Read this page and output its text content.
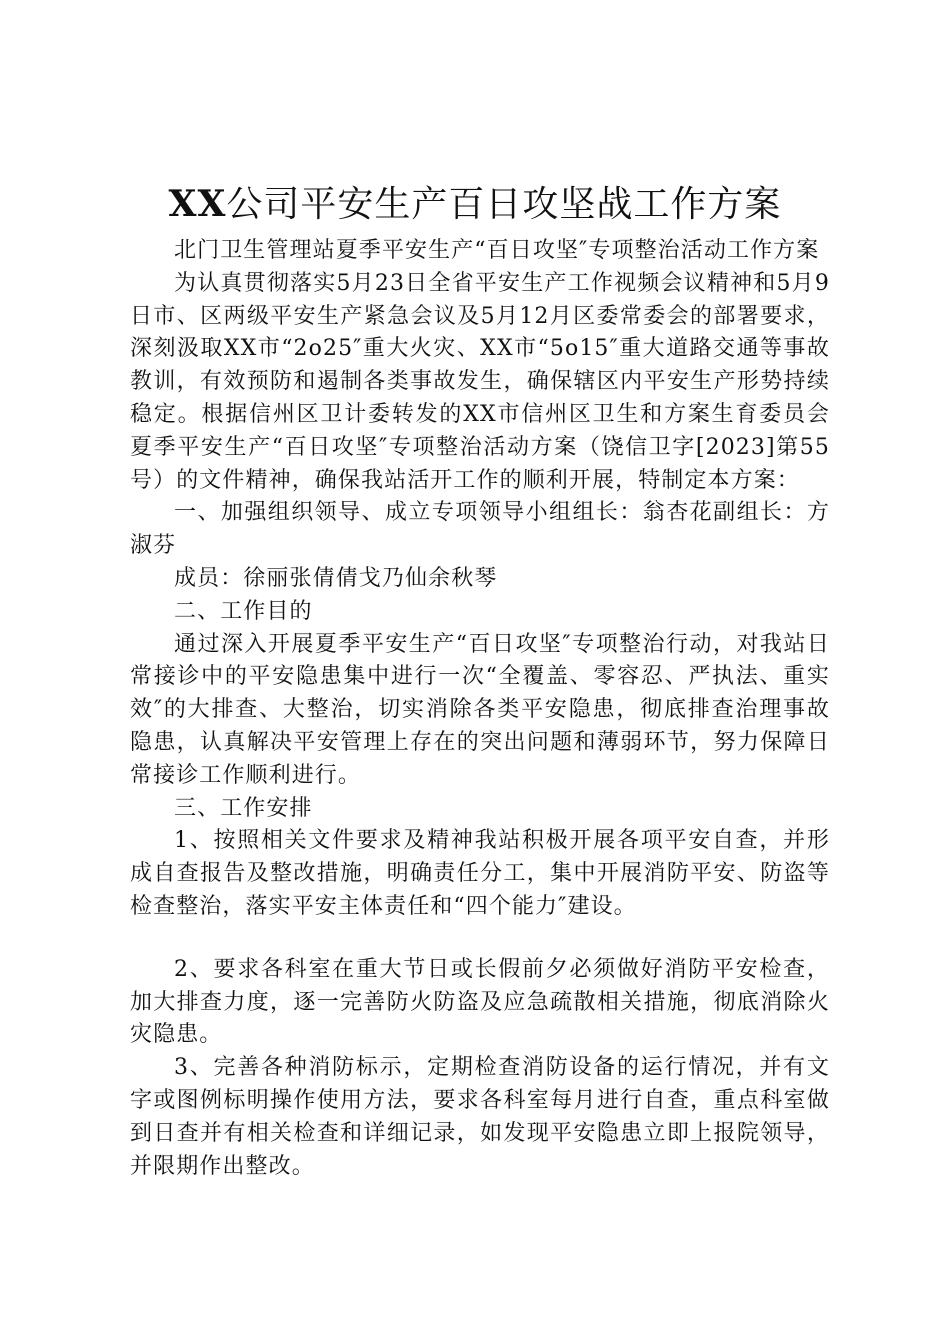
XX公司平安生产百日攻坚战工作方案

北门卫生管理站夏季平安生产“百日攻坚″专项整治活动工作方案

为认真贯彻落实5月23日全省平安生产工作视频会议精神和5月9日市、区两级平安生产紧急会议及5月12月区委常委会的部署要求，深刻汲取XX市“2o25″重大火灾、XX市“5o15″重大道路交通等事故教训，有效预防和遏制各类事故发生，确保辖区内平安生产形势持续稳定。根据信州区卫计委转发的XX市信州区卫生和方案生育委员会夏季平安生产“百日攻坚″专项整治活动方案（饶信卫字[2023]第55号）的文件精神，确保我站活开工作的顺利开展，特制定本方案：

一、加强组织领导、成立专项领导小组组长：翁杏花副组长：方淑芬

成员：徐丽张倩倩戈乃仙余秋琴

二、工作目的

通过深入开展夏季平安生产“百日攻坚″专项整治行动，对我站日常接诊中的平安隐患集中进行一次“全覆盖、零容忍、严执法、重实效″的大排查、大整治，切实消除各类平安隐患，彻底排查治理事故隐患，认真解决平安管理上存在的突出问题和薄弱环节，努力保障日常接诊工作顺利进行。

三、工作安排

1、按照相关文件要求及精神我站积极开展各项平安自查，并形成自查报告及整改措施，明确责任分工，集中开展消防平安、防盗等检查整治，落实平安主体责任和“四个能力″建设。

2、要求各科室在重大节日或长假前夕必须做好消防平安检查，加大排查力度，逐一完善防火防盗及应急疏散相关措施，彻底消除火灾隐患。

3、完善各种消防标示，定期检查消防设备的运行情况，并有文字或图例标明操作使用方法，要求各科室每月进行自查，重点科室做到日查并有相关检查和详细记录，如发现平安隐患立即上报院领导，并限期作出整改。
